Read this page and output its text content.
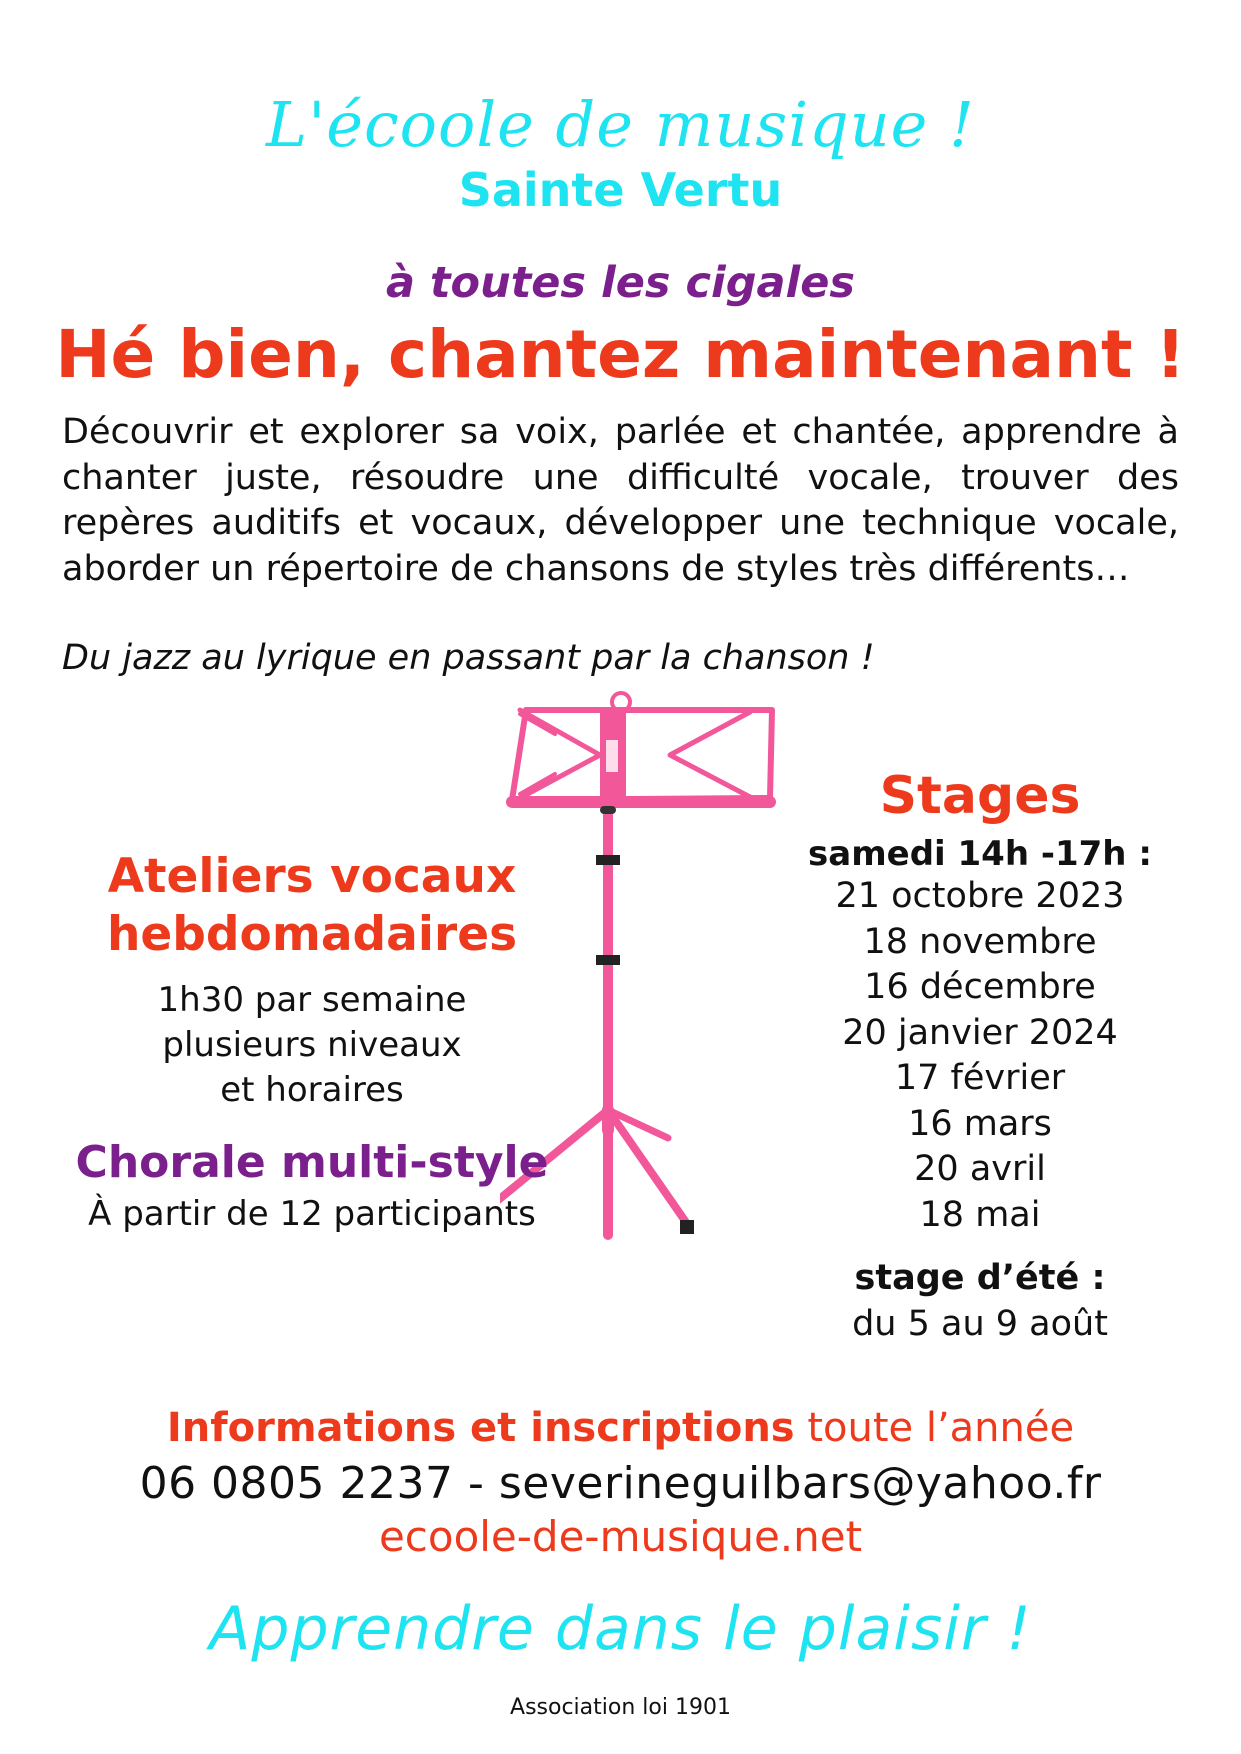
L'écoole de musique !
Sainte Vertu
à toutes les cigales
Hé bien, chantez maintenant !
Découvrir et explorer sa voix, parlée et chantée, apprendre à chanter juste, résoudre une difficulté vocale, trouver des repères auditifs et vocaux, développer une technique vocale, aborder un répertoire de chansons de styles très différents…
Du jazz au lyrique en passant par la chanson !
Ateliers vocaux
hebdomadaires
1h30 par semaine
plusieurs niveaux
et horaires
Chorale multi-style
À partir de 12 participants
Stages
samedi 14h -17h :
21 octobre 2023
18 novembre
16 décembre
20 janvier 2024
17 février
16 mars
20 avril
18 mai
stage d’été :
du 5 au 9 août
Informations et inscriptions toute l’année
06 0805 2237 - severineguilbars@yahoo.fr
ecoole-de-musique.net
Apprendre dans le plaisir !
Association loi 1901
